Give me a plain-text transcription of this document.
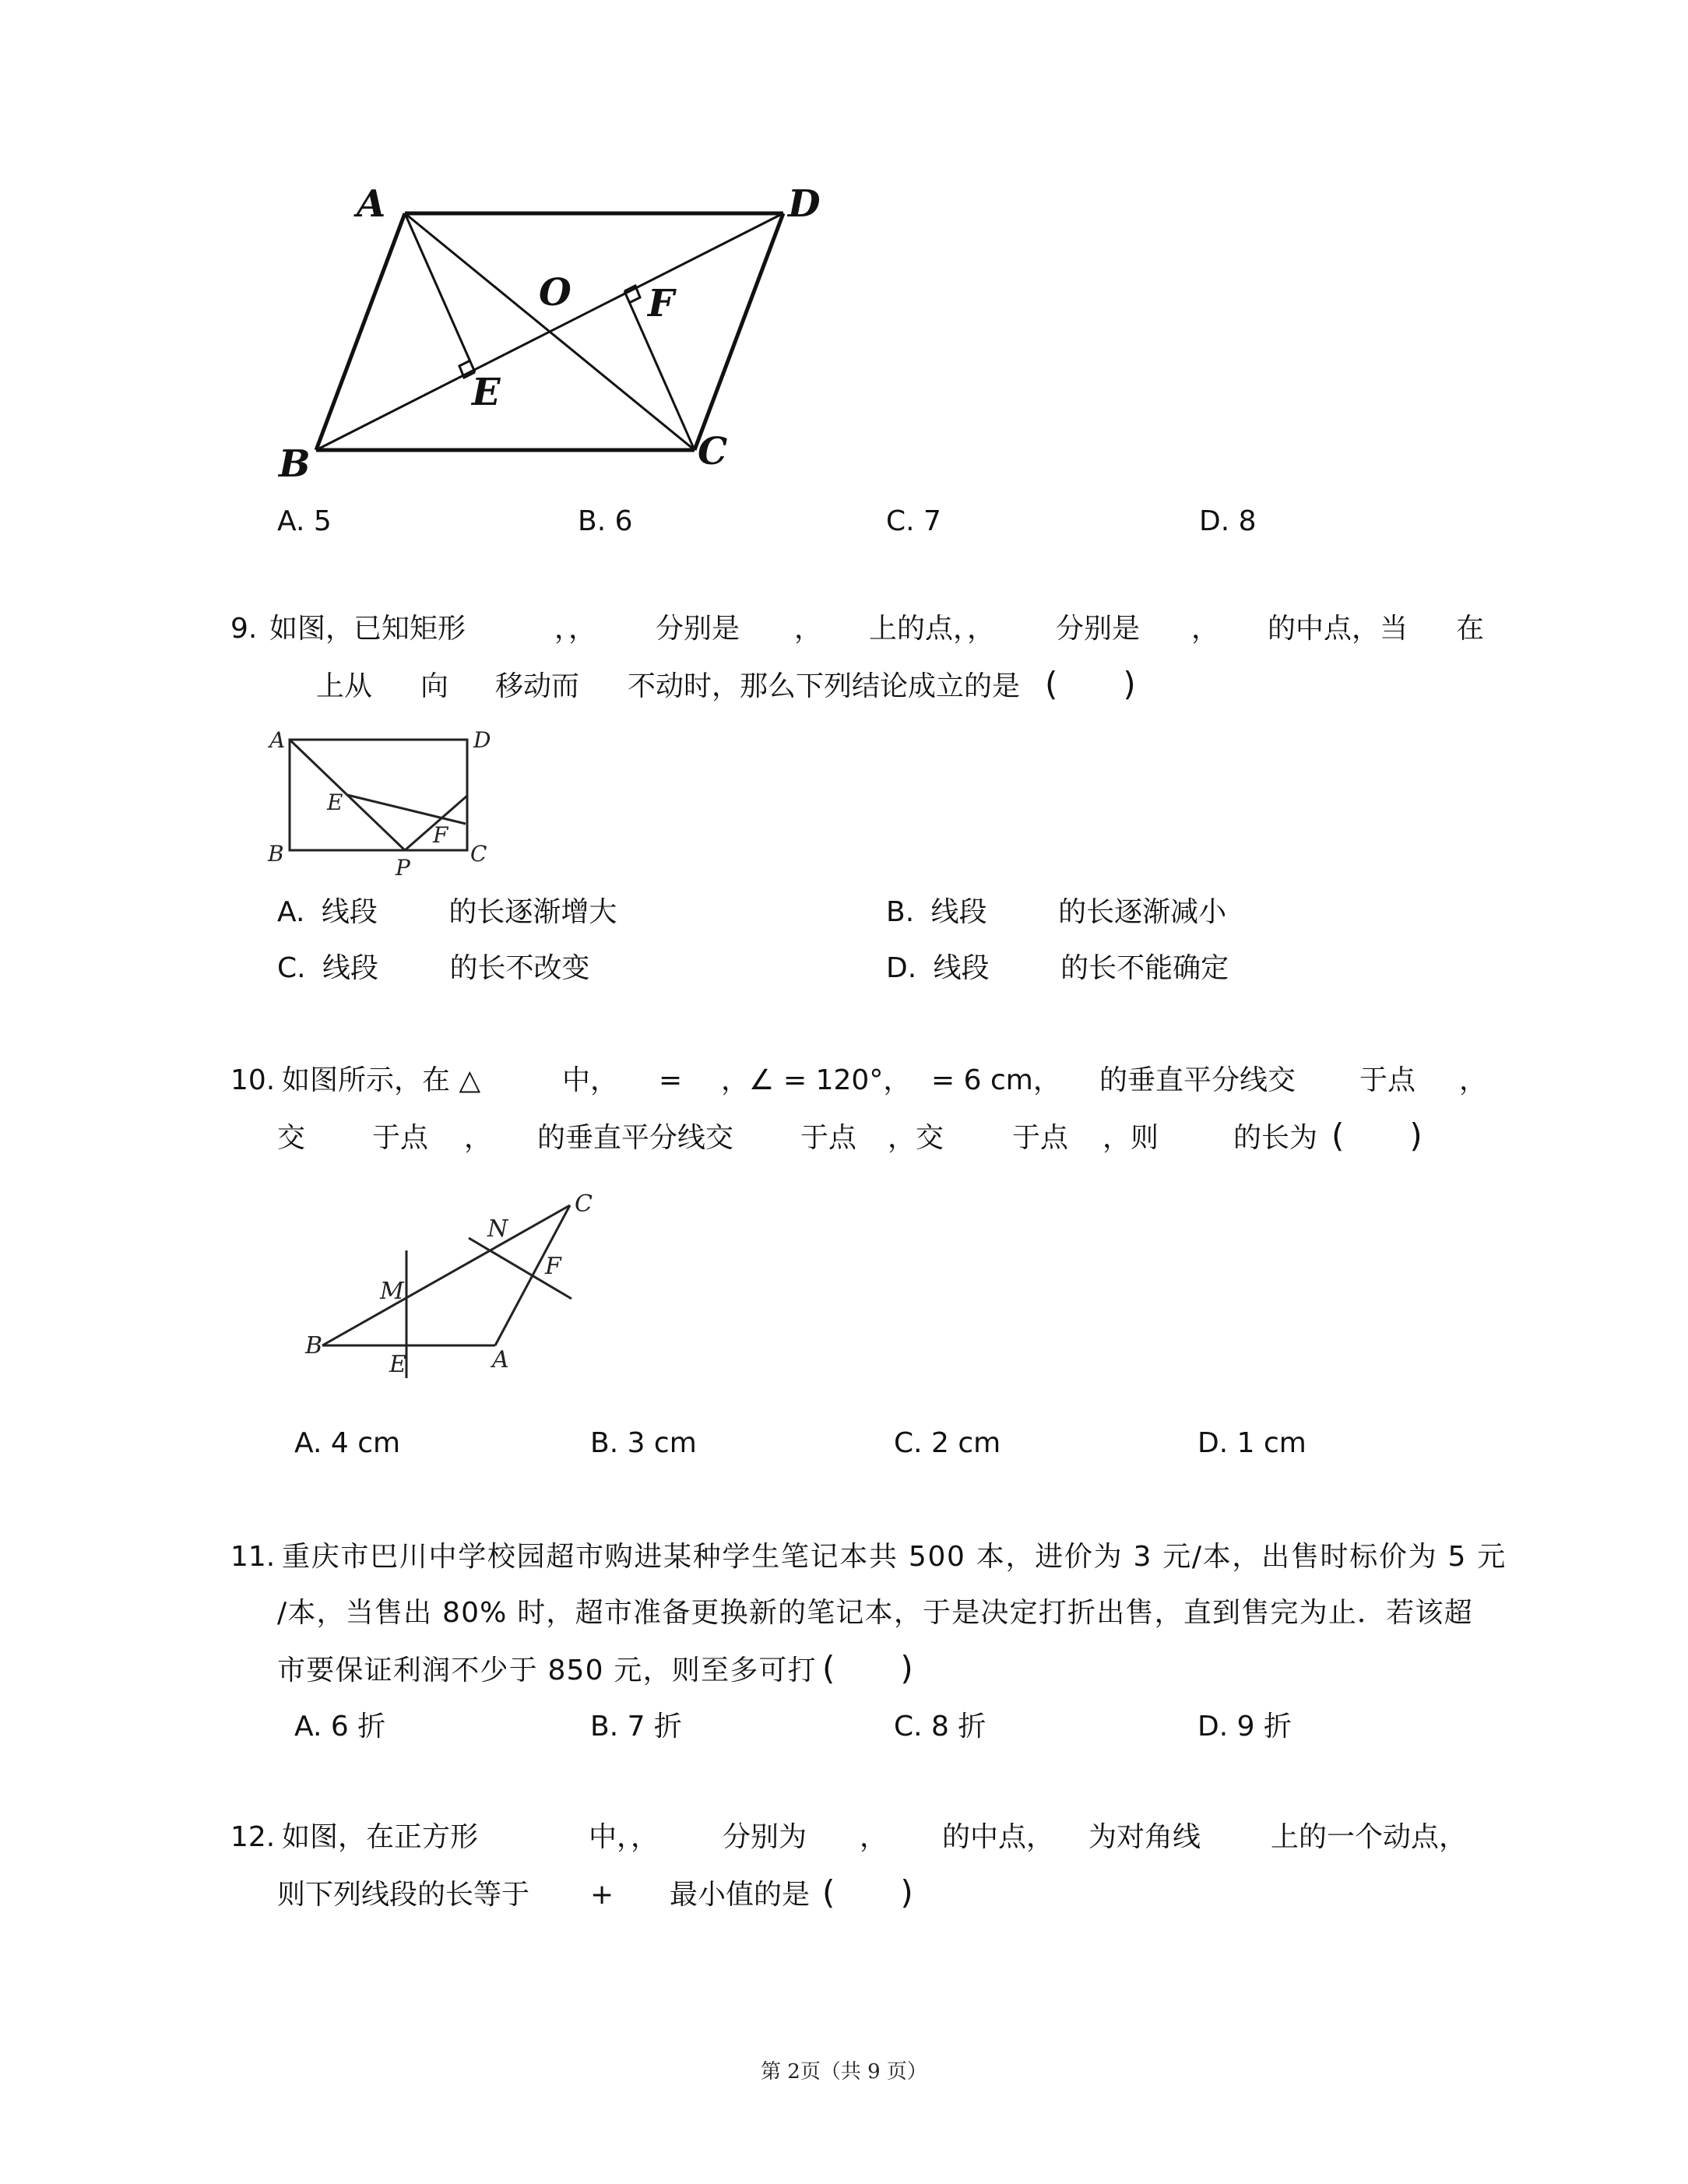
A	D
O F
E
B	C
A. 5	B. 6	C. 7	D. 8
9. 如图，已知矩形	，， 分别是 ， 上的点，， 分别是 ， 的中点，当 在
上从 向 移动而 不动时，那么下列结论成立的是 (　　)
A	D
E
F
B	C
P
A. 线段	的长逐渐增大	B. 线段	的长逐渐减小
C. 线段	的长不改变	D. 线段	的长不能确定
10. 如图所示，在 △	中， = ，∠ = 120°， = 6 cm， 的垂直平分线交 于点 ，
交 于点 ， 的垂直平分线交 于点 ，交 于点 ，则	的长为 (　　)
C
N
F
M
B
E	A
A. 4 cm	B. 3 cm	C. 2 cm	D. 1 cm
11. 重庆市巴川中学校园超市购进某种学生笔记本共 500 本，进价为 3 元/本，出售时标价为 5 元
/本，当售出 80% 时，超市准备更换新的笔记本，于是决定打折出售，直到售完为止．若该超
市要保证利润不少于 850 元，则至多可打 (　　)
A. 6 折	B. 7 折	C. 8 折	D. 9 折
12. 如图，在正方形	中，， 分别为 ， 的中点， 为对角线 上的一个动点，
则下列线段的长等于 + 最小值的是 (　　)
第 2页（共 9 页）
